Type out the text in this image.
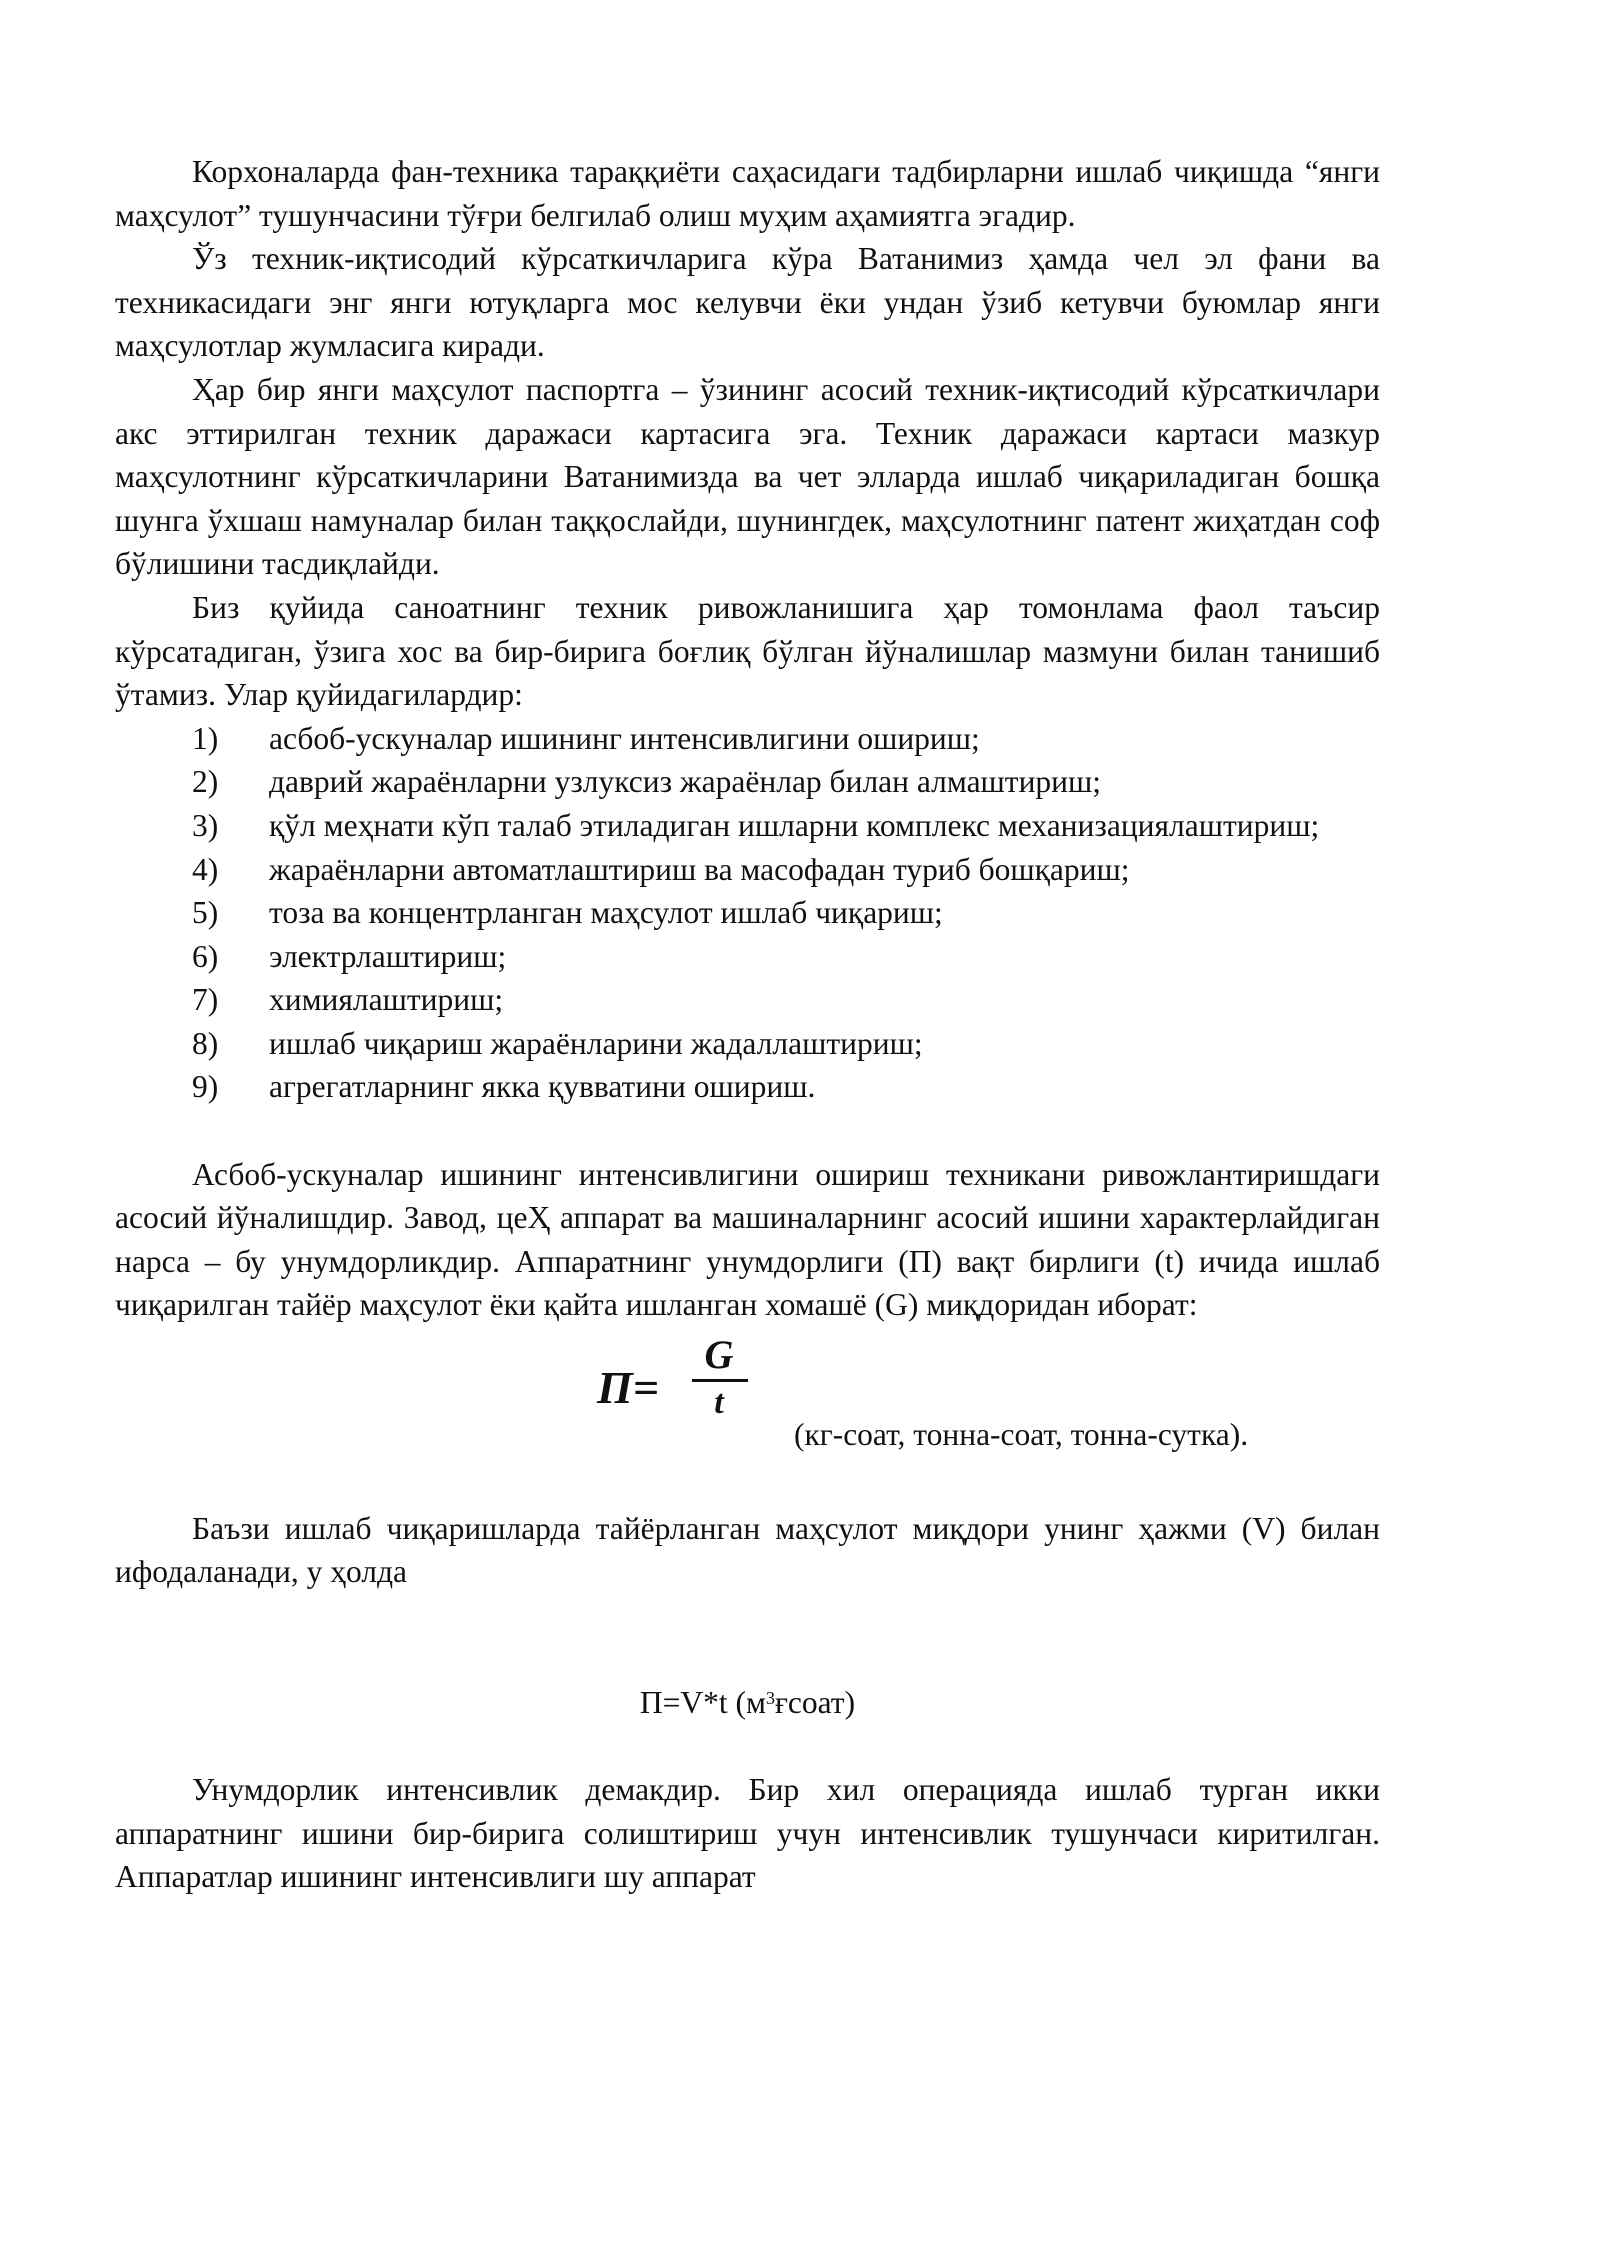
Корхоналарда фан-техника тараққиёти саҳасидаги тадбирларни ишлаб чиқишда “янги маҳсулот” тушунчасини тўғри белгилаб олиш муҳим аҳамиятга эгадир.

Ўз техник-иқтисодий кўрсаткичларига кўра Ватанимиз ҳамда чел эл фани ва техникасидаги энг янги ютуқларга мос келувчи ёки ундан ўзиб кетувчи буюмлар янги маҳсулотлар жумласига киради.

Ҳар бир янги маҳсулот паспортга – ўзининг асосий техник-иқтисодий кўрсаткичлари акс эттирилган техник даражаси картасига эга. Техник даражаси картаси мазкур маҳсулотнинг кўрсаткичларини Ватанимизда ва чет элларда ишлаб чиқариладиган бошқа шунга ўхшаш намуналар билан таққослайди, шунингдек, маҳсулотнинг патент жиҳатдан соф бўлишини тасдиқлайди.

Биз қуйида саноатнинг техник ривожланишига ҳар томонлама фаол таъсир кўрсатадиган, ўзига хос ва бир-бирига боғлиқ бўлган йўналишлар мазмуни билан танишиб ўтамиз. Улар қуйидагилардир:

1) асбоб-ускуналар ишининг интенсивлигини ошириш;

2) даврий жараёнларни узлуксиз жараёнлар билан алмаштириш;

3) қўл меҳнати кўп талаб этиладиган ишларни комплекс механизациялаштириш;

4) жараёнларни автоматлаштириш ва масофадан туриб бошқариш;

5) тоза ва концентрланган маҳсулот ишлаб чиқариш;

6) электрлаштириш;

7) химиялаштириш;

8) ишлаб чиқариш жараёнларини жадаллаштириш;

9) агрегатларнинг якка қувватини ошириш.

Асбоб-ускуналар ишининг интенсивлигини ошириш техникани ривожлантиришдаги асосий йўналишдир. Завод, цеҲ аппарат ва машиналарнинг асосий ишини характерлайдиган нарса – бу унумдорликдир. Аппаратнинг унумдорлиги (П) вақт бирлиги (t) ичида ишлаб чиқарилган тайёр маҳсулот ёки қайта ишланган хомашё (G) миқдоридан иборат:

П=
G
t
(кг-соат, тонна-соат, тонна-сутка).

Баъзи ишлаб чиқаришларда тайёрланган маҳсулот миқдори унинг ҳажми (V) билан ифодаланади, у ҳолда

П=V*t $(м^3ғсоат)$

Унумдорлик интенсивлик демакдир. Бир хил операцияда ишлаб турган икки аппаратнинг ишини бир-бирига солиштириш учун интенсивлик тушунчаси киритилган. Аппаратлар ишининг интенсивлиги шу аппарат
